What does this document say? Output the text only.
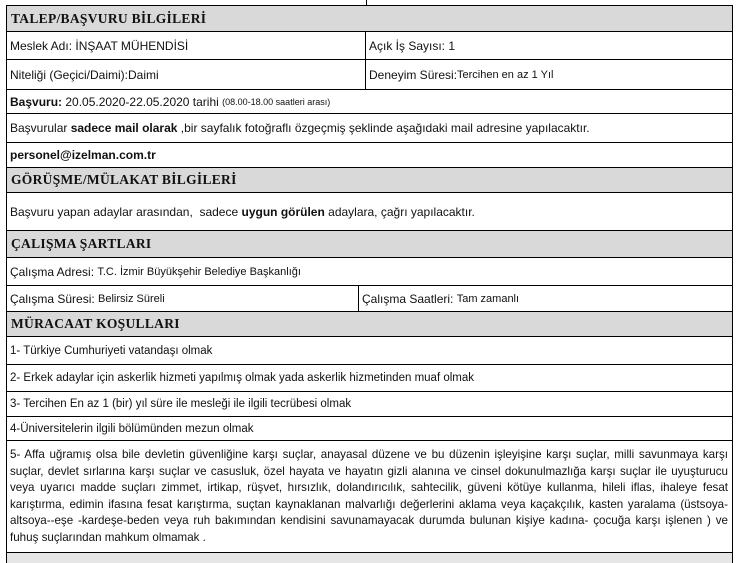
TALEP/BAŞVURU BİLGİLERİ
Meslek Adı: İNŞAAT MÜHENDİSİ	Açık İş Sayısı: 1
Niteliği (Geçici/Daimi):Daimi	Deneyim Süresi: Tercihen en az 1 Yıl
Başvuru: 20.05.2020-22.05.2020 tarihi (08.00-18.00 saatleri arası)
Başvurular sadece mail olarak ,bir sayfalık fotoğraflı özgeçmiş şeklinde aşağıdaki mail adresine yapılacaktır.
personel@izelman.com.tr
GÖRÜŞME/MÜLAKAT BİLGİLERİ
Başvuru yapan adaylar arasından,  sadece uygun görülen adaylara, çağrı yapılacaktır.
ÇALIŞMA ŞARTLARI
Çalışma Adresi: T.C. İzmir Büyükşehir Belediye Başkanlığı
Çalışma Süresi: Belirsiz Süreli	Çalışma Saatleri: Tam zamanlı
MÜRACAAT KOŞULLARI
1- Türkiye Cumhuriyeti vatandaşı olmak
2- Erkek adaylar için askerlik hizmeti yapılmış olmak yada askerlik hizmetinden muaf olmak
3- Tercihen En az 1 (bir) yıl süre ile mesleği ile ilgili tecrübesi olmak
4-Üniversitelerin ilgili bölümünden mezun olmak
5- Affa uğramış olsa bile devletin güvenliğine karşı suçlar, anayasal düzene ve bu düzenin işleyişine karşı suçlar, milli savunmaya karşı suçlar, devlet sırlarına karşı suçlar ve casusluk, özel hayata ve hayatın gizli alanına ve cinsel dokunulmazlığa karşı suçlar ile uyuşturucu veya uyarıcı madde suçları zimmet, irtikap, rüşvet, hırsızlık, dolandırıcılık, sahtecilik, güveni kötüye kullanma, hileli iflas, ihaleye fesat karıştırma, edimin ifasına fesat karıştırma, suçtan kaynaklanan malvarlığı değerlerini aklama veya kaçakçılık, kasten yaralama (üstsoya-altsoya--eşe -kardeşe-beden veya ruh bakımından kendisini savunamayacak durumda bulunan kişiye kadına- çocuğa karşı işlenen ) ve fuhuş suçlarından mahkum olmamak .
